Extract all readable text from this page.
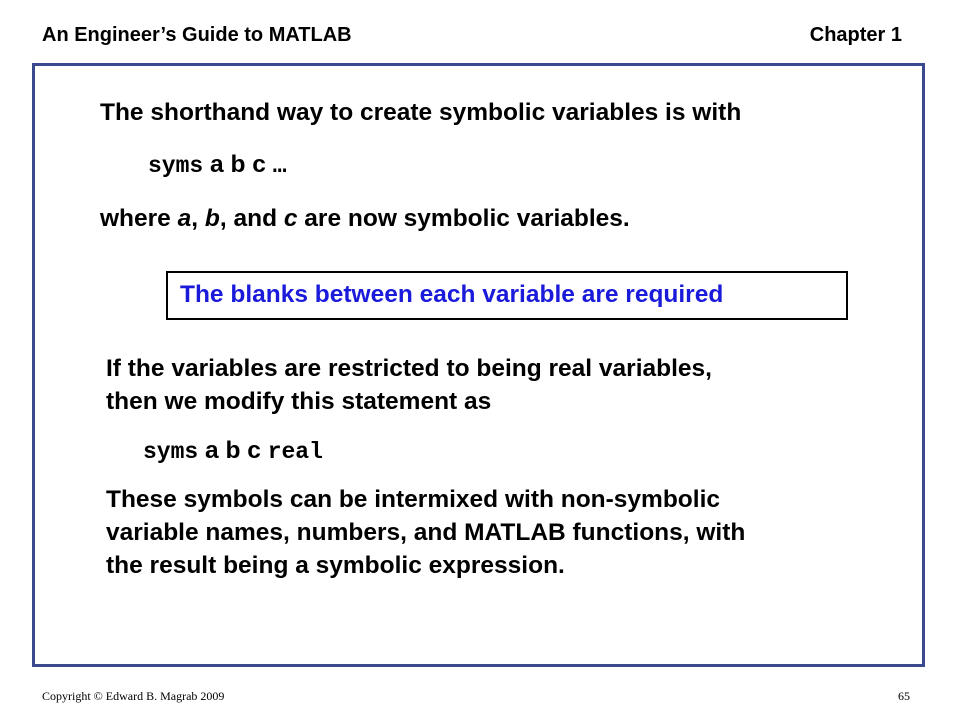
An Engineer’s Guide to MATLAB	Chapter 1
The shorthand way to create symbolic variables is with
syms a b c …
where a, b, and c are now symbolic variables.
The blanks between each variable are required
If the variables are restricted to being real variables,
then we modify this statement as
syms a b c real
These symbols can be intermixed with non-symbolic
variable names, numbers, and MATLAB functions, with
the result being a symbolic expression.
Copyright © Edward B. Magrab 2009	65
